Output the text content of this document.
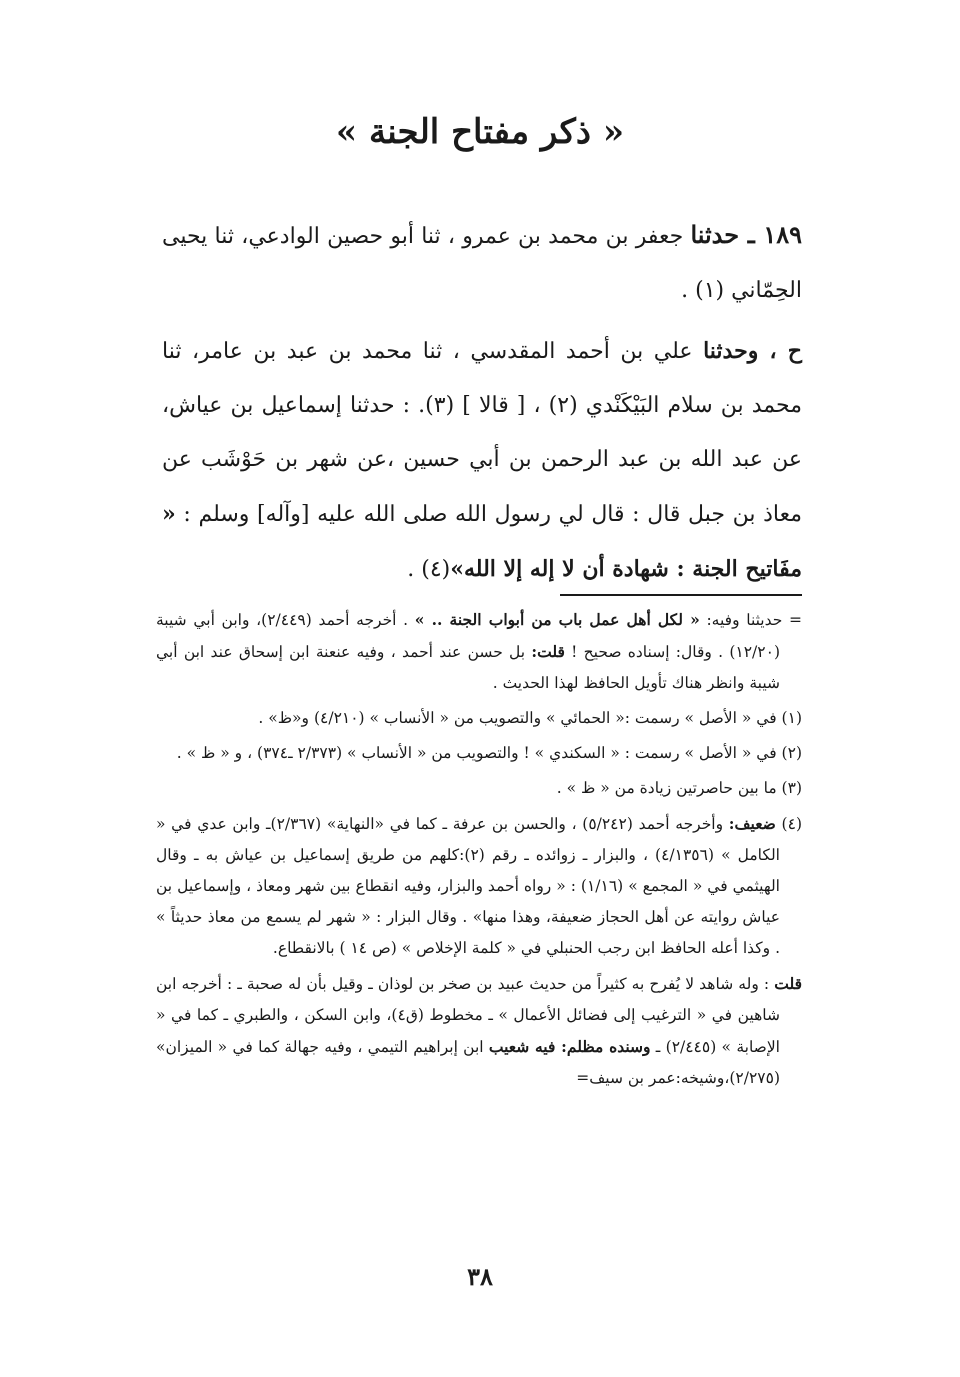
« ذكر مفتاح الجنة »

١٨٩ ـ حدثنا جعفر بن محمد بن عمرو ، ثنا أبو حصين الوادعي، ثنا يحيى الحِمّاني (١) .

ح ، وحدثنا علي بن أحمد المقدسي ، ثنا محمد بن عبد بن عامر، ثنا محمد بن سلام البَيْكَنْدي (٢) ، [ قالا ] (٣). : حدثنا إسماعيل بن عياش، عن عبد الله بن عبد الرحمن بن أبي حسين ،عن شهر بن حَوْشَب عن معاذ بن جبل قال : قال لي رسول الله صلى الله عليه [وآله] وسلم : « مفَاتيح الجنة : شهادة أن لا إله إلا الله»(٤) .

= حديثنا وفيه: « لكل أهل عمل باب من أبواب الجنة .. » . أخرجه أحمد (٢/٤٤٩)، وابن أبي شيبة (١٢/٢٠) . وقال: إسناده صحيح ! قلت: بل حسن عند أحمد ، وفيه عنعنة ابن إسحاق عند ابن أبي شيبة وانظر هناك تأويل الحافظ لهذا الحديث .

(١) في « الأصل » رسمت :« الحمائي » والتصويب من « الأنساب » (٤/٢١٠) و«ظ» .

(٢) في « الأصل » رسمت : « السكندي » ! والتصويب من « الأنساب » (٢/٣٧٣ ـ٣٧٤) ، و « ظ » .

(٣) ما بين حاصرتين زيادة من « ظ » .

(٤) ضعيف: وأخرجه أحمد (٥/٢٤٢) ، والحسن بن عرفة ـ كما في «النهاية» (٢/٣٦٧)ـ وابن عدي في « الكامل » (٤/١٣٥٦) ، والبزار ـ زوائده ـ رقم (٢):كلهم من طريق إسماعيل بن عياش به ـ وقال الهيثمي في « المجمع » (١/١٦) : « رواه أحمد والبزار، وفيه انقطاع بين شهر ومعاذ ، وإسماعيل بن عياش روايته عن أهل الحجاز ضعيفة، وهذا منها» . وقال البزار : « شهر لم يسمع من معاذ حديثاً » . وكذا أعله الحافظ ابن رجب الحنبلي في « كلمة الإخلاص » (ص ١٤ ) بالانقطاع.

قلت : وله شاهد لا يُفرح به كثيراً من حديث عبيد بن صخر بن لوذان ـ وقيل بأن له صحبة ـ : أخرجه ابن شاهين في « الترغيب إلى فضائل الأعمال » ـ مخطوط (ق٤)، وابن السكن ، والطبري ـ كما في « الإصابة » (٢/٤٤٥) ـ وسنده مظلم: فيه شعيب ابن إبراهيم التيمي ، وفيه جهالة كما في « الميزان» (٢/٢٧٥)،وشيخه:عمر بن سيف=

٣٨
